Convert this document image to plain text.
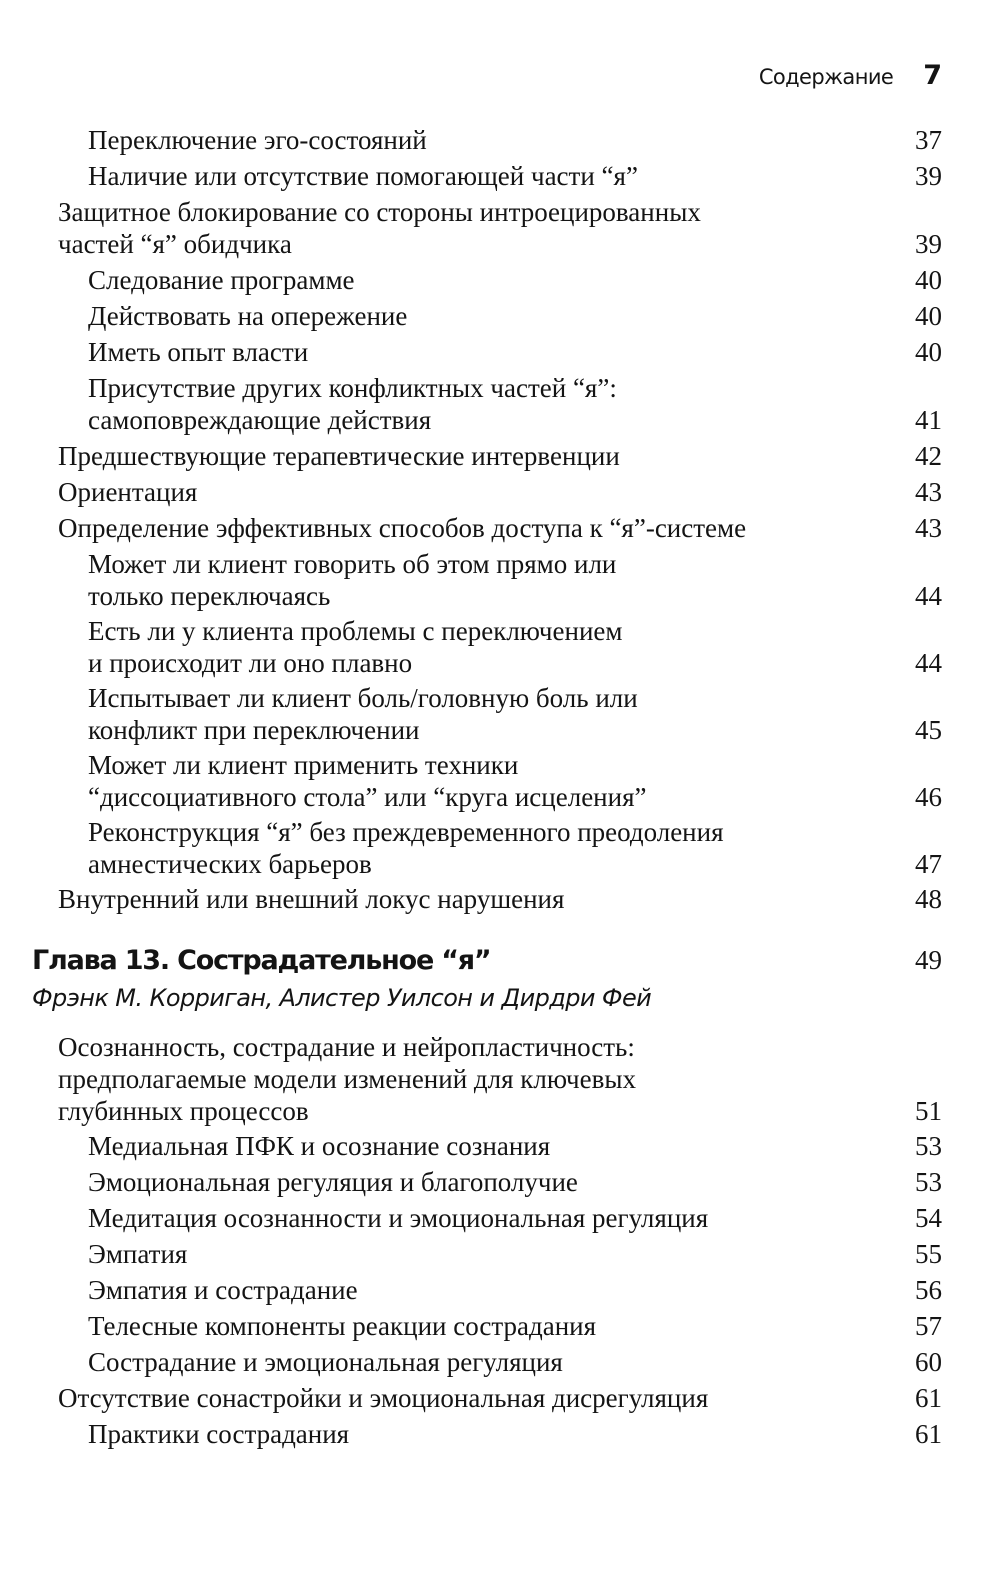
Содержание 7
Переключение эго-состояний	37
Наличие или отсутствие помогающей части “я”	39
Защитное блокирование со стороны интроецированных
частей “я” обидчика	39
Следование программе	40
Действовать на опережение	40
Иметь опыт власти	40
Присутствие других конфликтных частей “я”:
самоповреждающие действия	41
Предшествующие терапевтические интервенции	42
Ориентация	43
Определение эффективных способов доступа к “я”-системе	43
Может ли клиент говорить об этом прямо или
только переключаясь	44
Есть ли у клиента проблемы с переключением
и происходит ли оно плавно	44
Испытывает ли клиент боль/головную боль или
конфликт при переключении	45
Может ли клиент применить техники
“диссоциативного стола” или “круга исцеления”	46
Реконструкция “я” без преждевременного преодоления
амнестических барьеров	47
Внутренний или внешний локус нарушения	48
Глава 13. Сострадательное “я”	49
Фрэнк М. Корриган, Алистер Уилсон и Дирдри Фей
Осознанность, сострадание и нейропластичность:
предполагаемые модели изменений для ключевых
глубинных процессов	51
Медиальная ПФК и осознание сознания	53
Эмоциональная регуляция и благополучие	53
Медитация осознанности и эмоциональная регуляция	54
Эмпатия	55
Эмпатия и сострадание	56
Телесные компоненты реакции сострадания	57
Сострадание и эмоциональная регуляция	60
Отсутствие сонастройки и эмоциональная дисрегуляция	61
Практики сострадания	61
